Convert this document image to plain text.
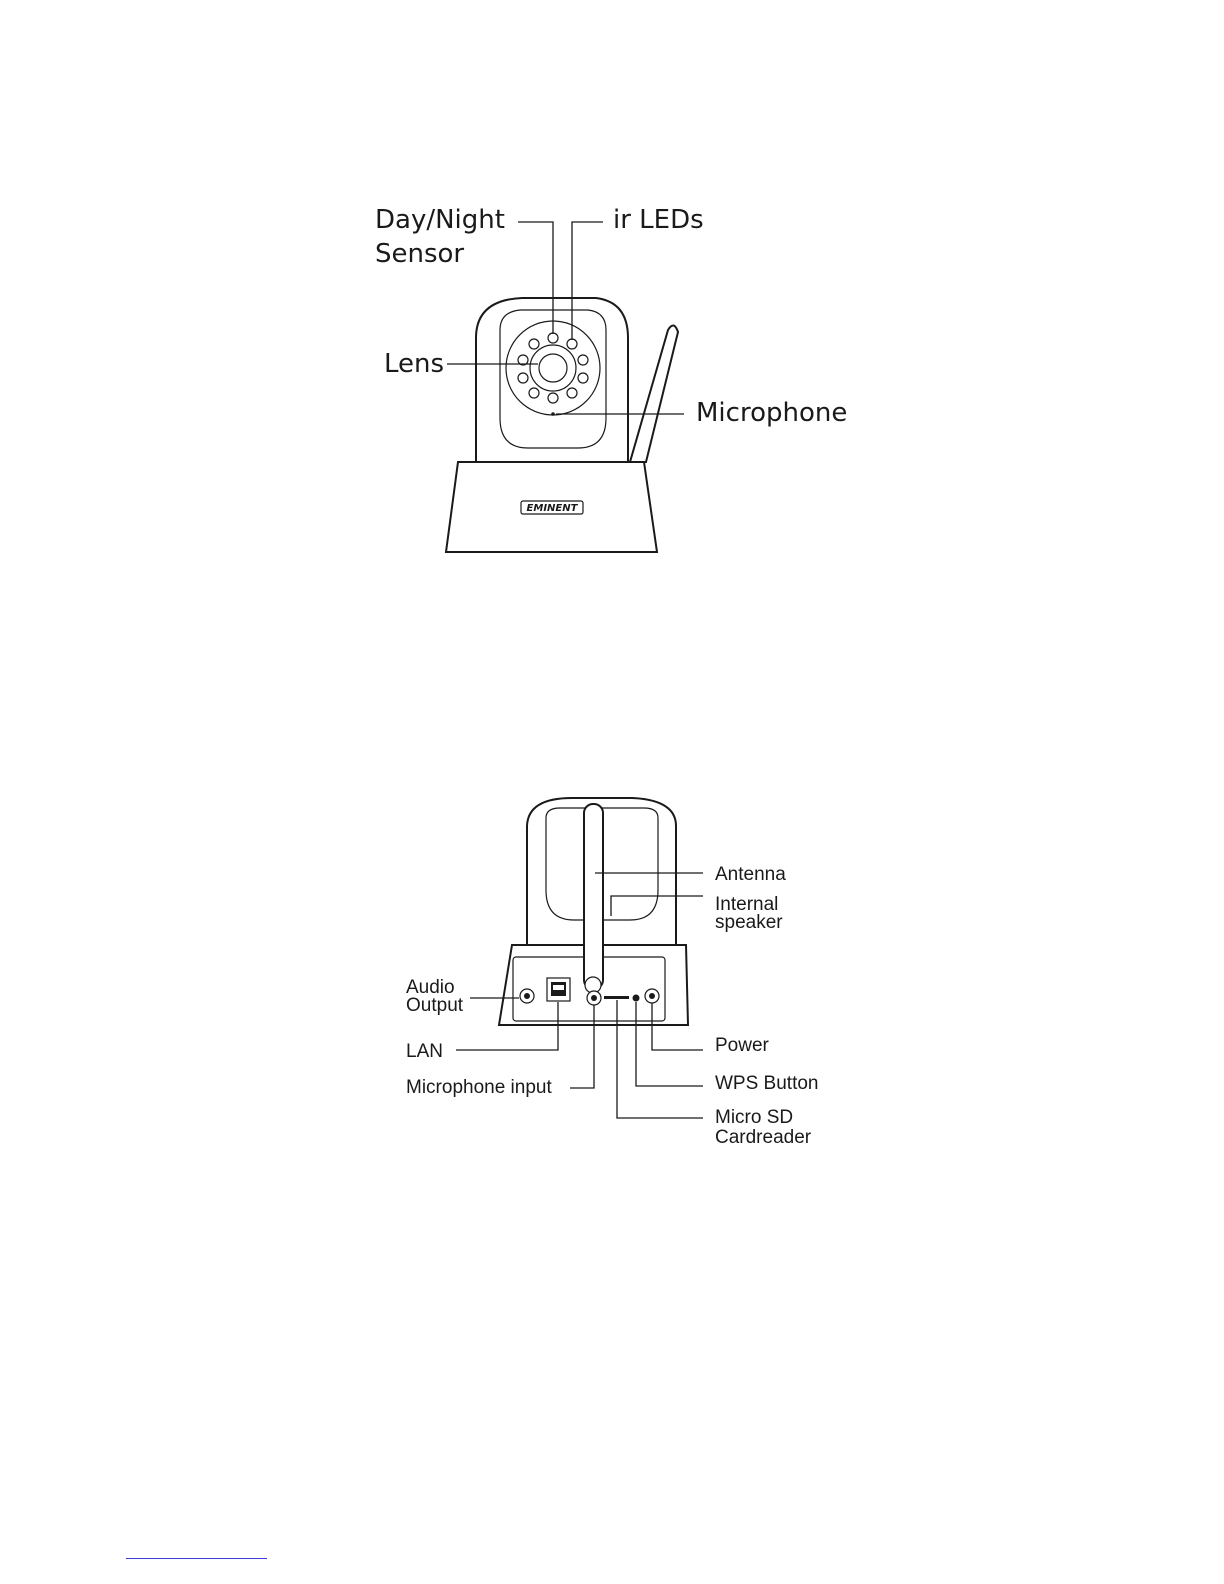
EMINENT
Day/Night
Sensor
ir LEDs
Lens
Microphone
Antenna
Internal
speaker
Audio
Output
LAN
Microphone input
Power
WPS Button
Micro SD
Cardreader
